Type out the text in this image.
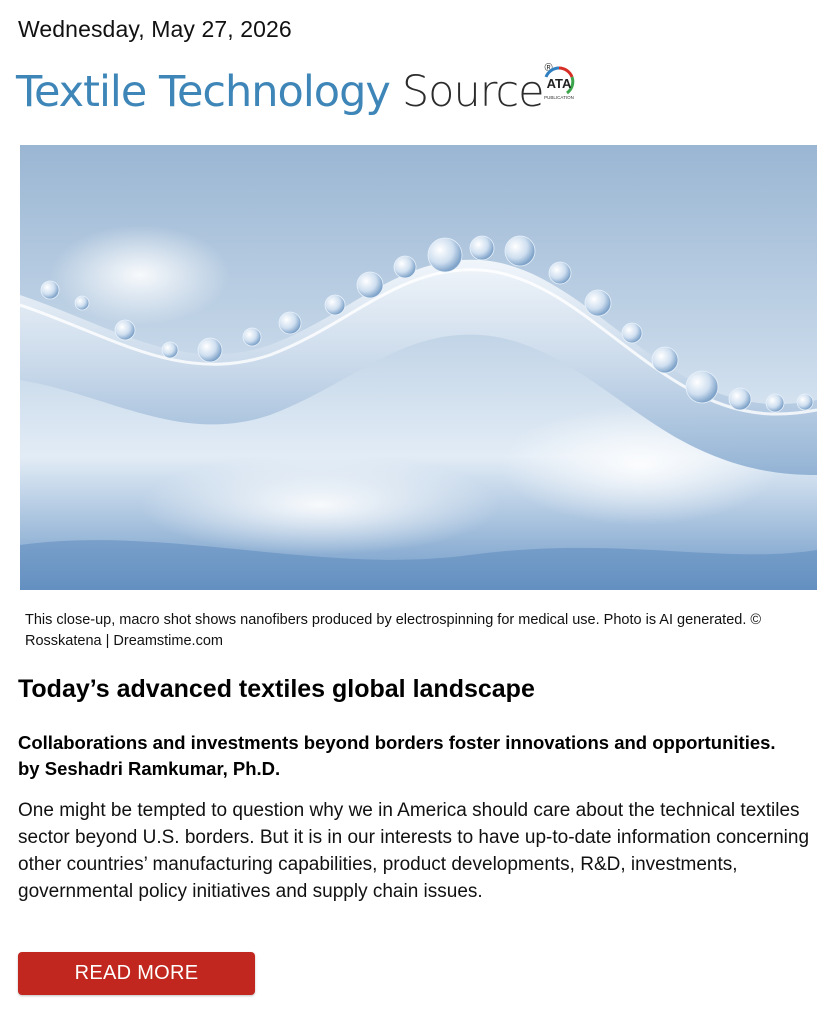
Wednesday, May 27, 2026
Textile Technology Source ®
ATA
PUBLICATION
This close-up, macro shot shows nanofibers produced by electrospinning for medical use. Photo is AI generated. © Rosskatena | Dreamstime.com
Today’s advanced textiles global landscape
Collaborations and investments beyond borders foster innovations and opportunities.
by Seshadri Ramkumar, Ph.D.

One might be tempted to question why we in America should care about the technical textiles sector beyond U.S. borders. But it is in our interests to have up-to-date information concerning other countries’ manufacturing capabilities, product developments, R&D, investments, governmental policy initiatives and supply chain issues.

READ MORE
